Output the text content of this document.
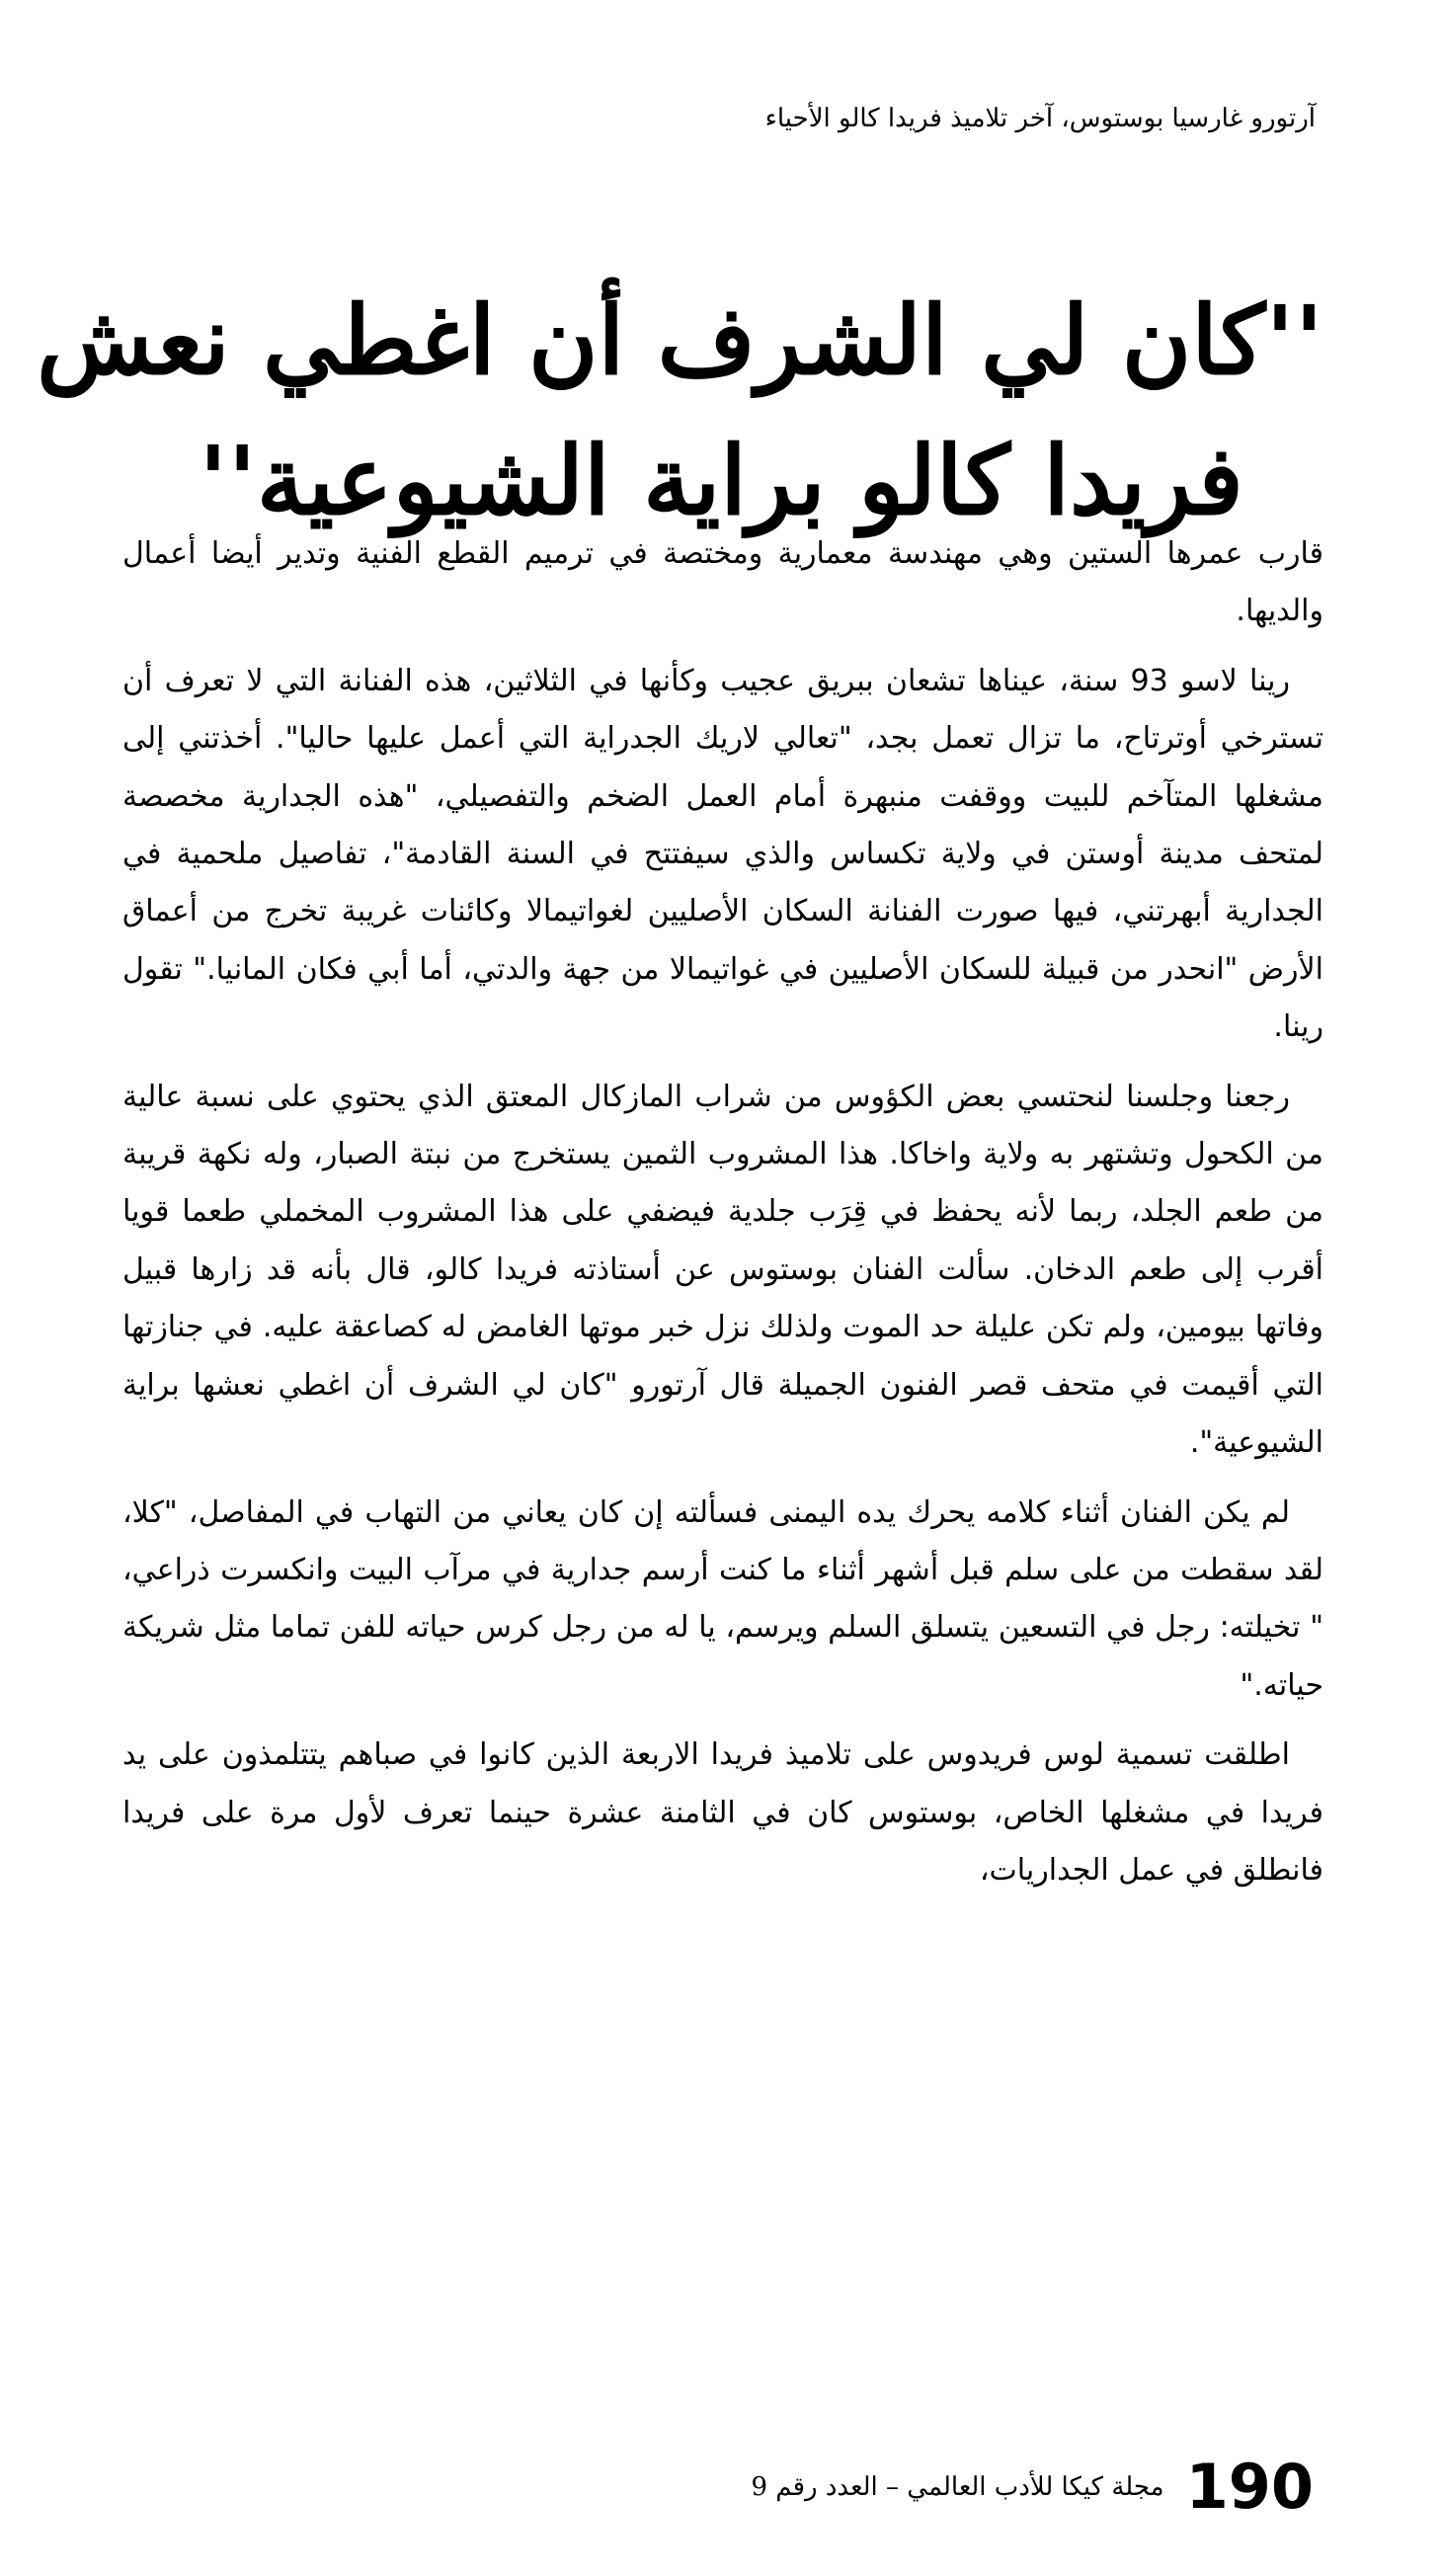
آرتورو غارسيا بوستوس، آخر تلاميذ فريدا كالو الأحياء
''كان لي الشرف أن اغطي نعش
فريدا كالو براية الشيوعية''

قارب عمرها الستين وهي مهندسة معمارية ومختصة في ترميم القطع الفنية وتدير أيضا أعمال والديها.

رينا لاسو 93 سنة، عيناها تشعان ببريق عجيب وكأنها في الثلاثين، هذه الفنانة التي لا تعرف أن تسترخي أوترتاح، ما تزال تعمل بجد، "تعالي لاريك الجدراية التي أعمل عليها حاليا". أخذتني إلى مشغلها المتآخم للبيت ووقفت منبهرة أمام العمل الضخم والتفصيلي، "هذه الجدارية مخصصة لمتحف مدينة أوستن في ولاية تكساس والذي سيفتتح في السنة القادمة"، تفاصيل ملحمية في الجدارية أبهرتني، فيها صورت الفنانة السكان الأصليين لغواتيمالا وكائنات غريبة تخرج من أعماق الأرض "انحدر من قبيلة للسكان الأصليين في غواتيمالا من جهة والدتي، أما أبي فكان المانيا." تقول رينا.

رجعنا وجلسنا لنحتسي بعض الكؤوس من شراب المازكال المعتق الذي يحتوي على نسبة عالية من الكحول وتشتهر به ولاية واخاكا. هذا المشروب الثمين يستخرج من نبتة الصبار، وله نكهة قريبة من طعم الجلد، ربما لأنه يحفظ في قِرَب جلدية فيضفي على هذا المشروب المخملي طعما قويا أقرب إلى طعم الدخان. سألت الفنان بوستوس عن أستاذته فريدا كالو، قال بأنه قد زارها قبيل وفاتها بيومين، ولم تكن عليلة حد الموت ولذلك نزل خبر موتها الغامض له كصاعقة عليه. في جنازتها التي أقيمت في متحف قصر الفنون الجميلة قال آرتورو "كان لي الشرف أن اغطي نعشها براية الشيوعية".

لم يكن الفنان أثناء كلامه يحرك يده اليمنى فسألته إن كان يعاني من التهاب في المفاصل، "كلا، لقد سقطت من على سلم قبل أشهر أثناء ما كنت أرسم جدارية في مرآب البيت وانكسرت ذراعي، " تخيلته: رجل في التسعين يتسلق السلم ويرسم، يا له من رجل كرس حياته للفن تماما مثل شريكة حياته."

اطلقت تسمية لوس فريدوس على تلاميذ فريدا الاربعة الذين كانوا في صباهم يتتلمذون على يد فريدا في مشغلها الخاص، بوستوس كان في الثامنة عشرة حينما تعرف لأول مرة على فريدا فانطلق في عمل الجداريات،

190
مجلة كيكا للأدب العالمي – العدد رقم 9
